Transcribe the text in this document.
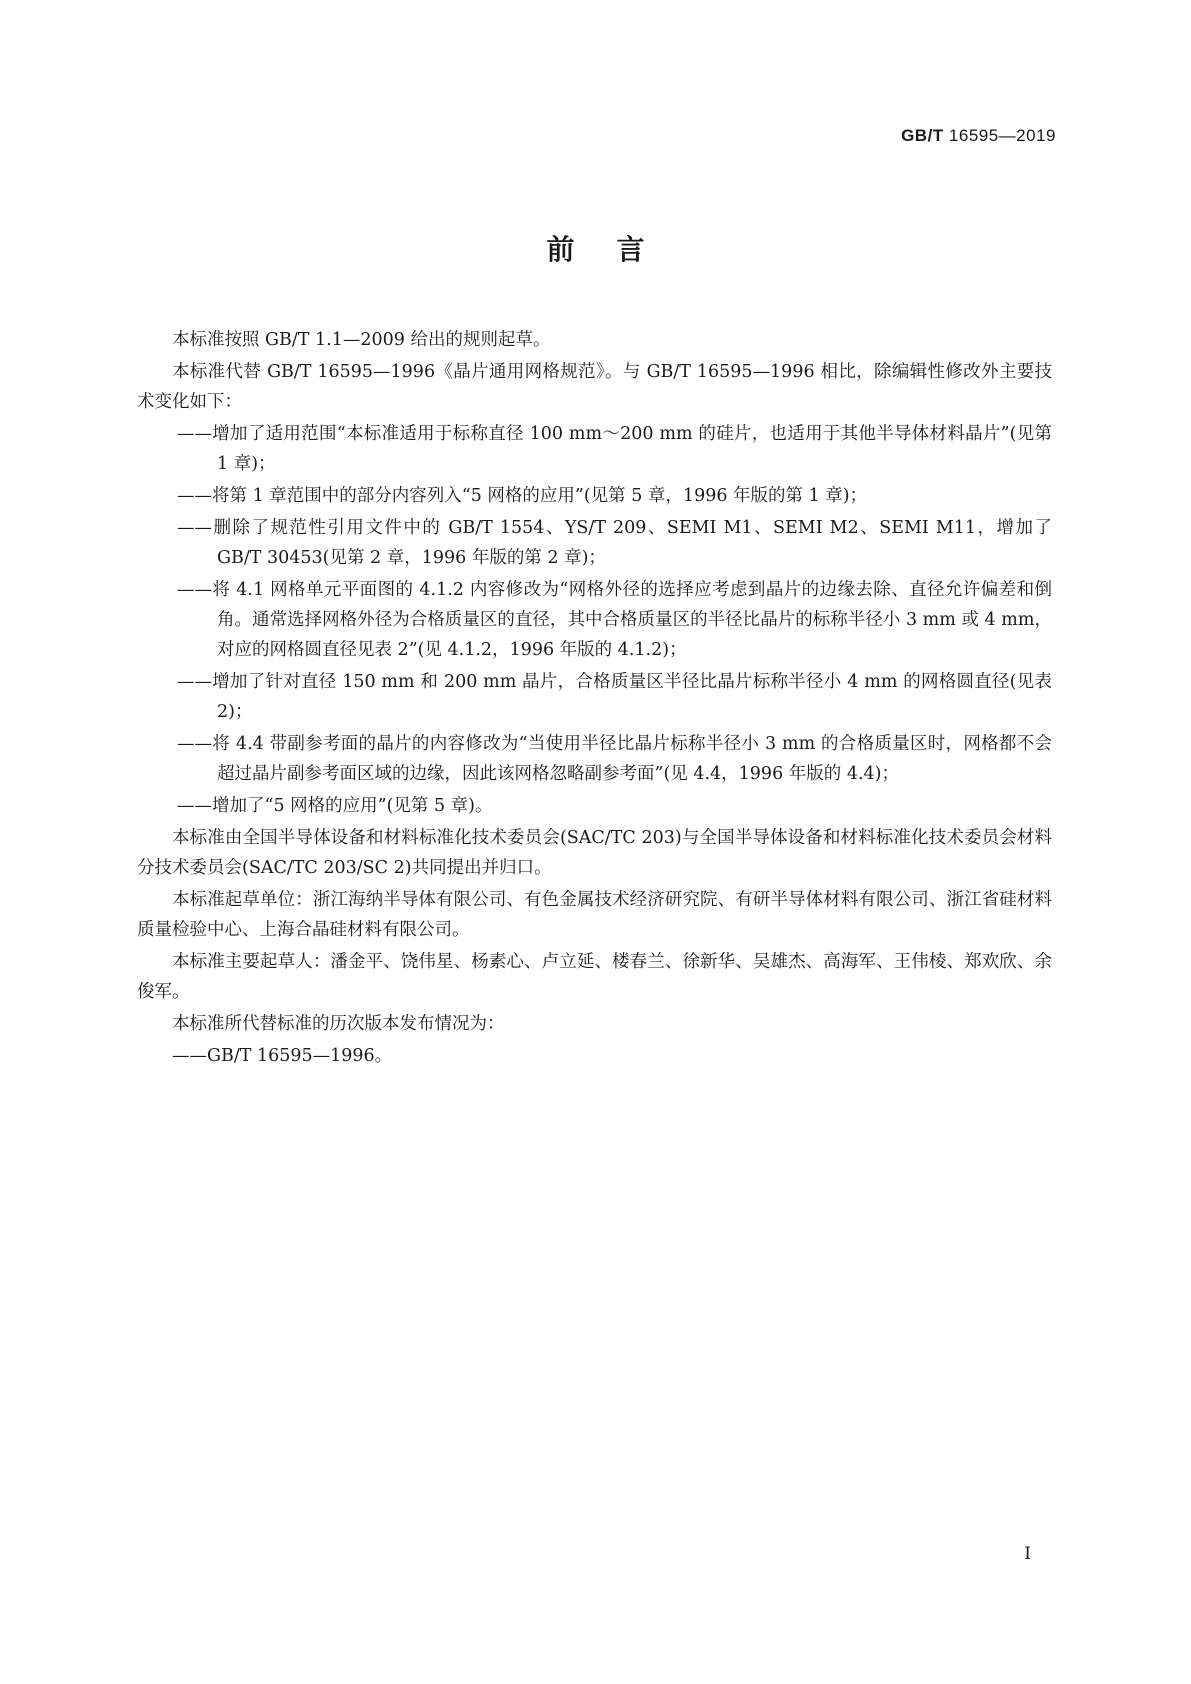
GB/T 16595—2019
前言

本标准按照 GB/T 1.1—2009 给出的规则起草。

本标准代替 GB/T 16595—1996《晶片通用网格规范》。与 GB/T 16595—1996 相比，除编辑性修改外主要技术变化如下：

——增加了适用范围“本标准适用于标称直径 100 mm～200 mm 的硅片，也适用于其他半导体材料晶片”(见第 1 章)；

——将第 1 章范围中的部分内容列入“5 网格的应用”(见第 5 章，1996 年版的第 1 章)；

——删除了规范性引用文件中的 GB/T 1554、YS/T 209、SEMI M1、SEMI M2、SEMI M11，增加了 GB/T 30453(见第 2 章，1996 年版的第 2 章)；

——将 4.1 网格单元平面图的 4.1.2 内容修改为“网格外径的选择应考虑到晶片的边缘去除、直径允许偏差和倒角。通常选择网格外径为合格质量区的直径，其中合格质量区的半径比晶片的标称半径小 3 mm 或 4 mm，对应的网格圆直径见表 2”(见 4.1.2，1996 年版的 4.1.2)；

——增加了针对直径 150 mm 和 200 mm 晶片，合格质量区半径比晶片标称半径小 4 mm 的网格圆直径(见表 2)；

——将 4.4 带副参考面的晶片的内容修改为“当使用半径比晶片标称半径小 3 mm 的合格质量区时，网格都不会超过晶片副参考面区域的边缘，因此该网格忽略副参考面”(见 4.4，1996 年版的 4.4)；

——增加了“5 网格的应用”(见第 5 章)。

本标准由全国半导体设备和材料标准化技术委员会(SAC/TC 203)与全国半导体设备和材料标准化技术委员会材料分技术委员会(SAC/TC 203/SC 2)共同提出并归口。

本标准起草单位：浙江海纳半导体有限公司、有色金属技术经济研究院、有研半导体材料有限公司、浙江省硅材料质量检验中心、上海合晶硅材料有限公司。

本标准主要起草人：潘金平、饶伟星、杨素心、卢立延、楼春兰、徐新华、吴雄杰、高海军、王伟棱、郑欢欣、余俊军。

本标准所代替标准的历次版本发布情况为：

——GB/T 16595—1996。

I
